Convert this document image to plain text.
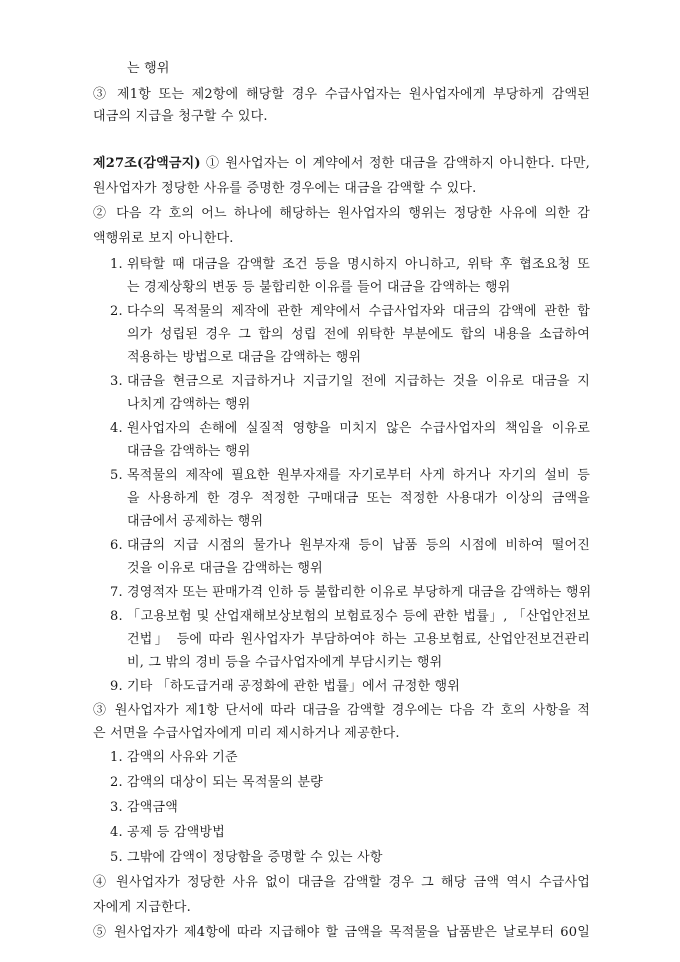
는 행위
③ 제1항 또는 제2항에 해당할 경우 수급사업자는 원사업자에게 부당하게 감액된
대금의 지급을 청구할 수 있다.
제27조(감액금지) ① 원사업자는 이 계약에서 정한 대금을 감액하지 아니한다. 다만,
원사업자가 정당한 사유를 증명한 경우에는 대금을 감액할 수 있다.
② 다음 각 호의 어느 하나에 해당하는 원사업자의 행위는 정당한 사유에 의한 감
액행위로 보지 아니한다.
1. 위탁할 때 대금을 감액할 조건 등을 명시하지 아니하고, 위탁 후 협조요청 또
는 경제상황의 변동 등 불합리한 이유를 들어 대금을 감액하는 행위
2. 다수의 목적물의 제작에 관한 계약에서 수급사업자와 대금의 감액에 관한 합
의가 성립된 경우 그 합의 성립 전에 위탁한 부분에도 합의 내용을 소급하여
적용하는 방법으로 대금을 감액하는 행위
3. 대금을 현금으로 지급하거나 지급기일 전에 지급하는 것을 이유로 대금을 지
나치게 감액하는 행위
4. 원사업자의 손해에 실질적 영향을 미치지 않은 수급사업자의 책임을 이유로
대금을 감액하는 행위
5. 목적물의 제작에 필요한 원부자재를 자기로부터 사게 하거나 자기의 설비 등
을 사용하게 한 경우 적정한 구매대금 또는 적정한 사용대가 이상의 금액을
대금에서 공제하는 행위
6. 대금의 지급 시점의 물가나 원부자재 등이 납품 등의 시점에 비하여 떨어진
것을 이유로 대금을 감액하는 행위
7. 경영적자 또는 판매가격 인하 등 불합리한 이유로 부당하게 대금을 감액하는 행위
8. 「고용보험 및 산업재해보상보험의 보험료징수 등에 관한 법률」, 「산업안전보
건법」 등에 따라 원사업자가 부담하여야 하는 고용보험료, 산업안전보건관리
비, 그 밖의 경비 등을 수급사업자에게 부담시키는 행위
9. 기타 「하도급거래 공정화에 관한 법률」에서 규정한 행위
③ 원사업자가 제1항 단서에 따라 대금을 감액할 경우에는 다음 각 호의 사항을 적
은 서면을 수급사업자에게 미리 제시하거나 제공한다.
1. 감액의 사유와 기준
2. 감액의 대상이 되는 목적물의 분량
3. 감액금액
4. 공제 등 감액방법
5. 그밖에 감액이 정당함을 증명할 수 있는 사항
④ 원사업자가 정당한 사유 없이 대금을 감액할 경우 그 해당 금액 역시 수급사업
자에게 지급한다.
⑤ 원사업자가 제4항에 따라 지급해야 할 금액을 목적물을 납품받은 날로부터 60일
